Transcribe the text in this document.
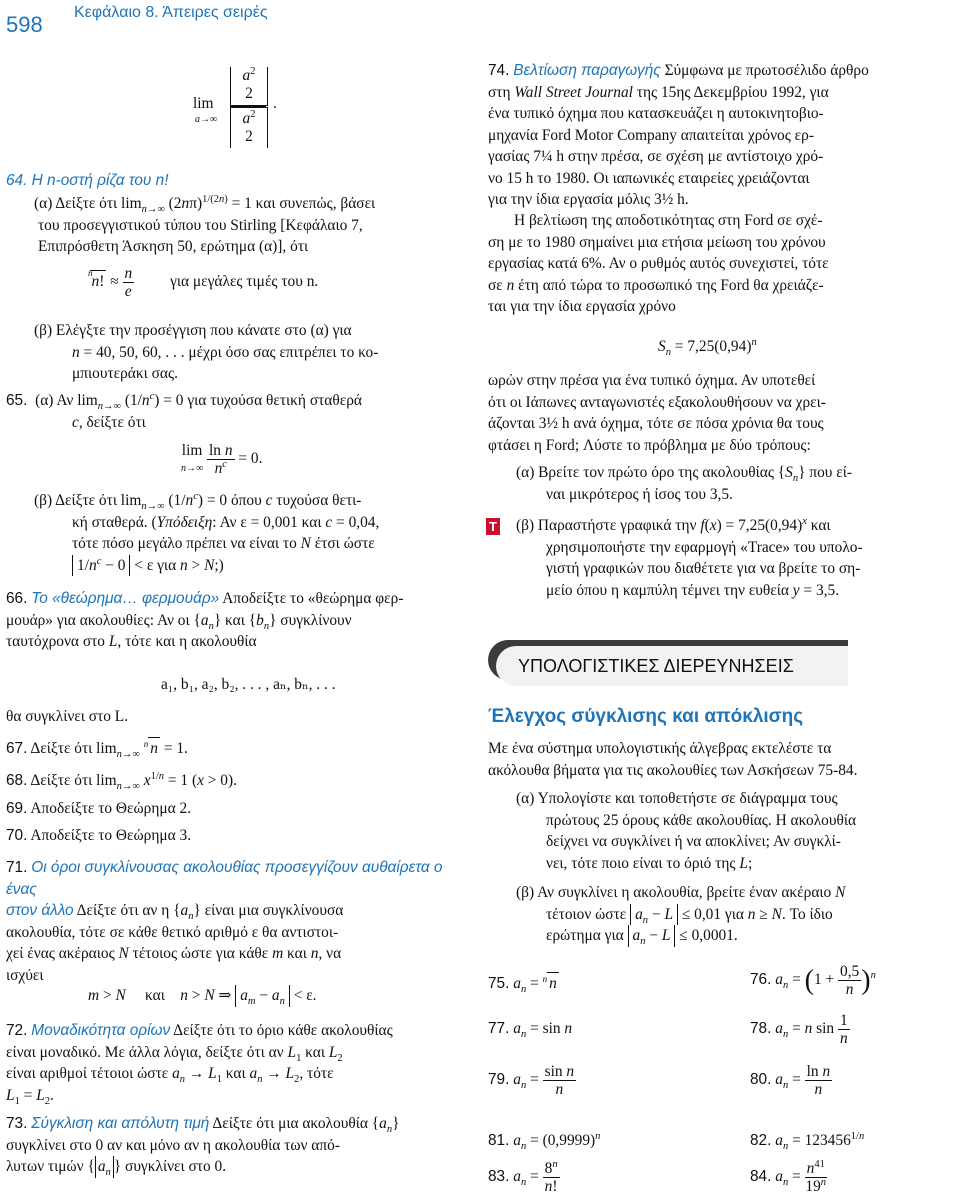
598 Κεφάλαιο 8. Άπειρες σειρές
lim
a→∞
$a^2$
2
$a^2$
2
.
64. Η n-οστή ρίζα του n!
(α) Δείξτε ότι $\lim_{n\to\infty} (2n\pi)^{1/(2n)} = 1$ και συνεπώς, βάσει
του προσεγγιστικού τύπου του Stirling [Κεφάλαιο 7,
Επιπρόσθετη Άσκηση 50, ερώτημα (α)], ότι
$^n$n! ≈ $\frac{n}{e}$ για μεγάλες τιμές του n.
(β) Ελέγξτε την προσέγγιση που κάνατε στο (α) για
n = 40, 50, 60, . . . μέχρι όσο σας επιτρέπει το κο-
μπιουτεράκι σας.
65.  (α) Αν $\lim_{n\to\infty} (1/n^c) = 0$ για τυχούσα θετική σταθερά
c, δείξτε ότι
lim
$n\to\infty \frac{\text{ln n}}{n^c} = 0$.
(β) Δείξτε ότι $\lim_{n\to\infty} (1/n^c) = 0$ όπου c τυχούσα θετι-
κή σταθερά. (Υπόδειξη: Αν ε = 0,001 και c = 0,04,
τότε πόσο μεγάλο πρέπει να είναι το N έτσι ώστε
$1/n^c - 0 < \varepsilon$ για n > N;)
66. Το «θεώρημα… φερμουάρ» Αποδείξτε το «θεώρημα φερ-
μουάρ» για ακολουθίες: Αν οι $\{a_n\}$ και $\{b_n\}$ συγκλίνουν
ταυτόχρονα στο L, τότε και η ακολουθία
a₁, b₁, a₂, b₂, . . . , aₙ, bₙ, . . .
θα συγκλίνει στο L.
67. Δείξτε ότι $\lim_{n\to\infty} ^n$ n = 1.
68. Δείξτε ότι $\lim_{n\to\infty} x^{1/n} = 1$ (x > 0).
69. Αποδείξτε το Θεώρημα 2.
70. Αποδείξτε το Θεώρημα 3.
71. Οι όροι συγκλίνουσας ακολουθίας προσεγγίζουν αυθαίρετα ο ένας
στον άλλο Δείξτε ότι αν η $\{a_n\}$ είναι μια συγκλίνουσα
ακολουθία, τότε σε κάθε θετικό αριθμό ε θα αντιστοι-
χεί ένας ακέραιος N τέτοιος ώστε για κάθε m και n, να
ισχύει
m > N     και    n > N ⇒ $a_m - a_n < \varepsilon$.
72. Μοναδικότητα ορίων Δείξτε ότι το όριο κάθε ακολουθίας
είναι μοναδικό. Με άλλα λόγια, δείξτε ότι αν $L_1$ και $L_2$
είναι αριθμοί τέτοιοι ώστε $a_n \to L_1$ και $a_n \to L_2$, τότε
$L_1 = L_2$.
73. Σύγκλιση και απόλυτη τιμή Δείξτε ότι μια ακολουθία $\{a_n\}$
συγκλίνει στο 0 αν και μόνο αν η ακολουθία των από-
λυτων τιμών { $a_n$ } συγκλίνει στο 0.
74. Βελτίωση παραγωγής Σύμφωνα με πρωτοσέλιδο άρθρο
στη Wall Street Journal της 15ης Δεκεμβρίου 1992, για
ένα τυπικό όχημα που κατασκευάζει η αυτοκινητοβιο-
μηχανία Ford Motor Company απαιτείται χρόνος ερ-
γασίας 7¼ h στην πρέσα, σε σχέση με αντίστοιχο χρό-
νο 15 h το 1980. Οι ιαπωνικές εταιρείες χρειάζονται
για την ίδια εργασία μόλις 3½ h.
Η βελτίωση της αποδοτικότητας στη Ford σε σχέ-
ση με το 1980 σημαίνει μια ετήσια μείωση του χρόνου
εργασίας κατά 6%. Αν ο ρυθμός αυτός συνεχιστεί, τότε
σε n έτη από τώρα το προσωπικό της Ford θα χρειάζε-
ται για την ίδια εργασία χρόνο
$S_n = 7,25(0,94)^n$
ωρών στην πρέσα για ένα τυπικό όχημα. Αν υποτεθεί
ότι οι Ιάπωνες ανταγωνιστές εξακολουθήσουν να χρει-
άζονται 3½ h ανά όχημα, τότε σε πόσα χρόνια θα τους
φτάσει η Ford; Λύστε το πρόβλημα με δύο τρόπους:
(α) Βρείτε τον πρώτο όρο της ακολουθίας $\{S_n\}$ που εί-
ναι μικρότερος ή ίσος του 3,5.
T (β) Παραστήστε γραφικά την $f(x) = 7,25(0,94)^x$ και
χρησιμοποιήστε την εφαρμογή «Trace» του υπολο-
γιστή γραφικών που διαθέτετε για να βρείτε το ση-
μείο όπου η καμπύλη τέμνει την ευθεία y = 3,5.
ΥΠΟΛΟΓΙΣΤΙΚΕΣ ΔΙΕΡΕΥΝΗΣΕΙΣ
Έλεγχος σύγκλισης και απόκλισης
Με ένα σύστημα υπολογιστικής άλγεβρας εκτελέστε τα
ακόλουθα βήματα για τις ακολουθίες των Ασκήσεων 75-84.
(α) Υπολογίστε και τοποθετήστε σε διάγραμμα τους
πρώτους 25 όρους κάθε ακολουθίας. Η ακολουθία
δείχνει να συγκλίνει ή να αποκλίνει; Αν συγκλί-
νει, τότε ποιο είναι το όριό της L;
(β) Αν συγκλίνει η ακολουθία, βρείτε έναν ακέραιο N
τέτοιον ώστε $a_n - L \le 0,01$ για n ≥ N. Το ίδιο
ερώτημα για $a_n - L \le 0,0001$.
75. $a_n = ^n$ n	76. $a_n = (1 + \frac{0,5}{n} )^n$
77. $a_n = \sin n$	78. $a_n = n$ $\sin \frac{1}{n}$
79. $a_n = \frac{\text{sin n}}{n}$	80. $a_n = \frac{\text{ln n}}{n}$
81. $a_n = (0,9999)^n$	82. $a_n = 123456^{1/n}$
83. $a_n = \frac{8^n}{n!}$	84. $a_n = \frac{n^{41}}{19^n}$
